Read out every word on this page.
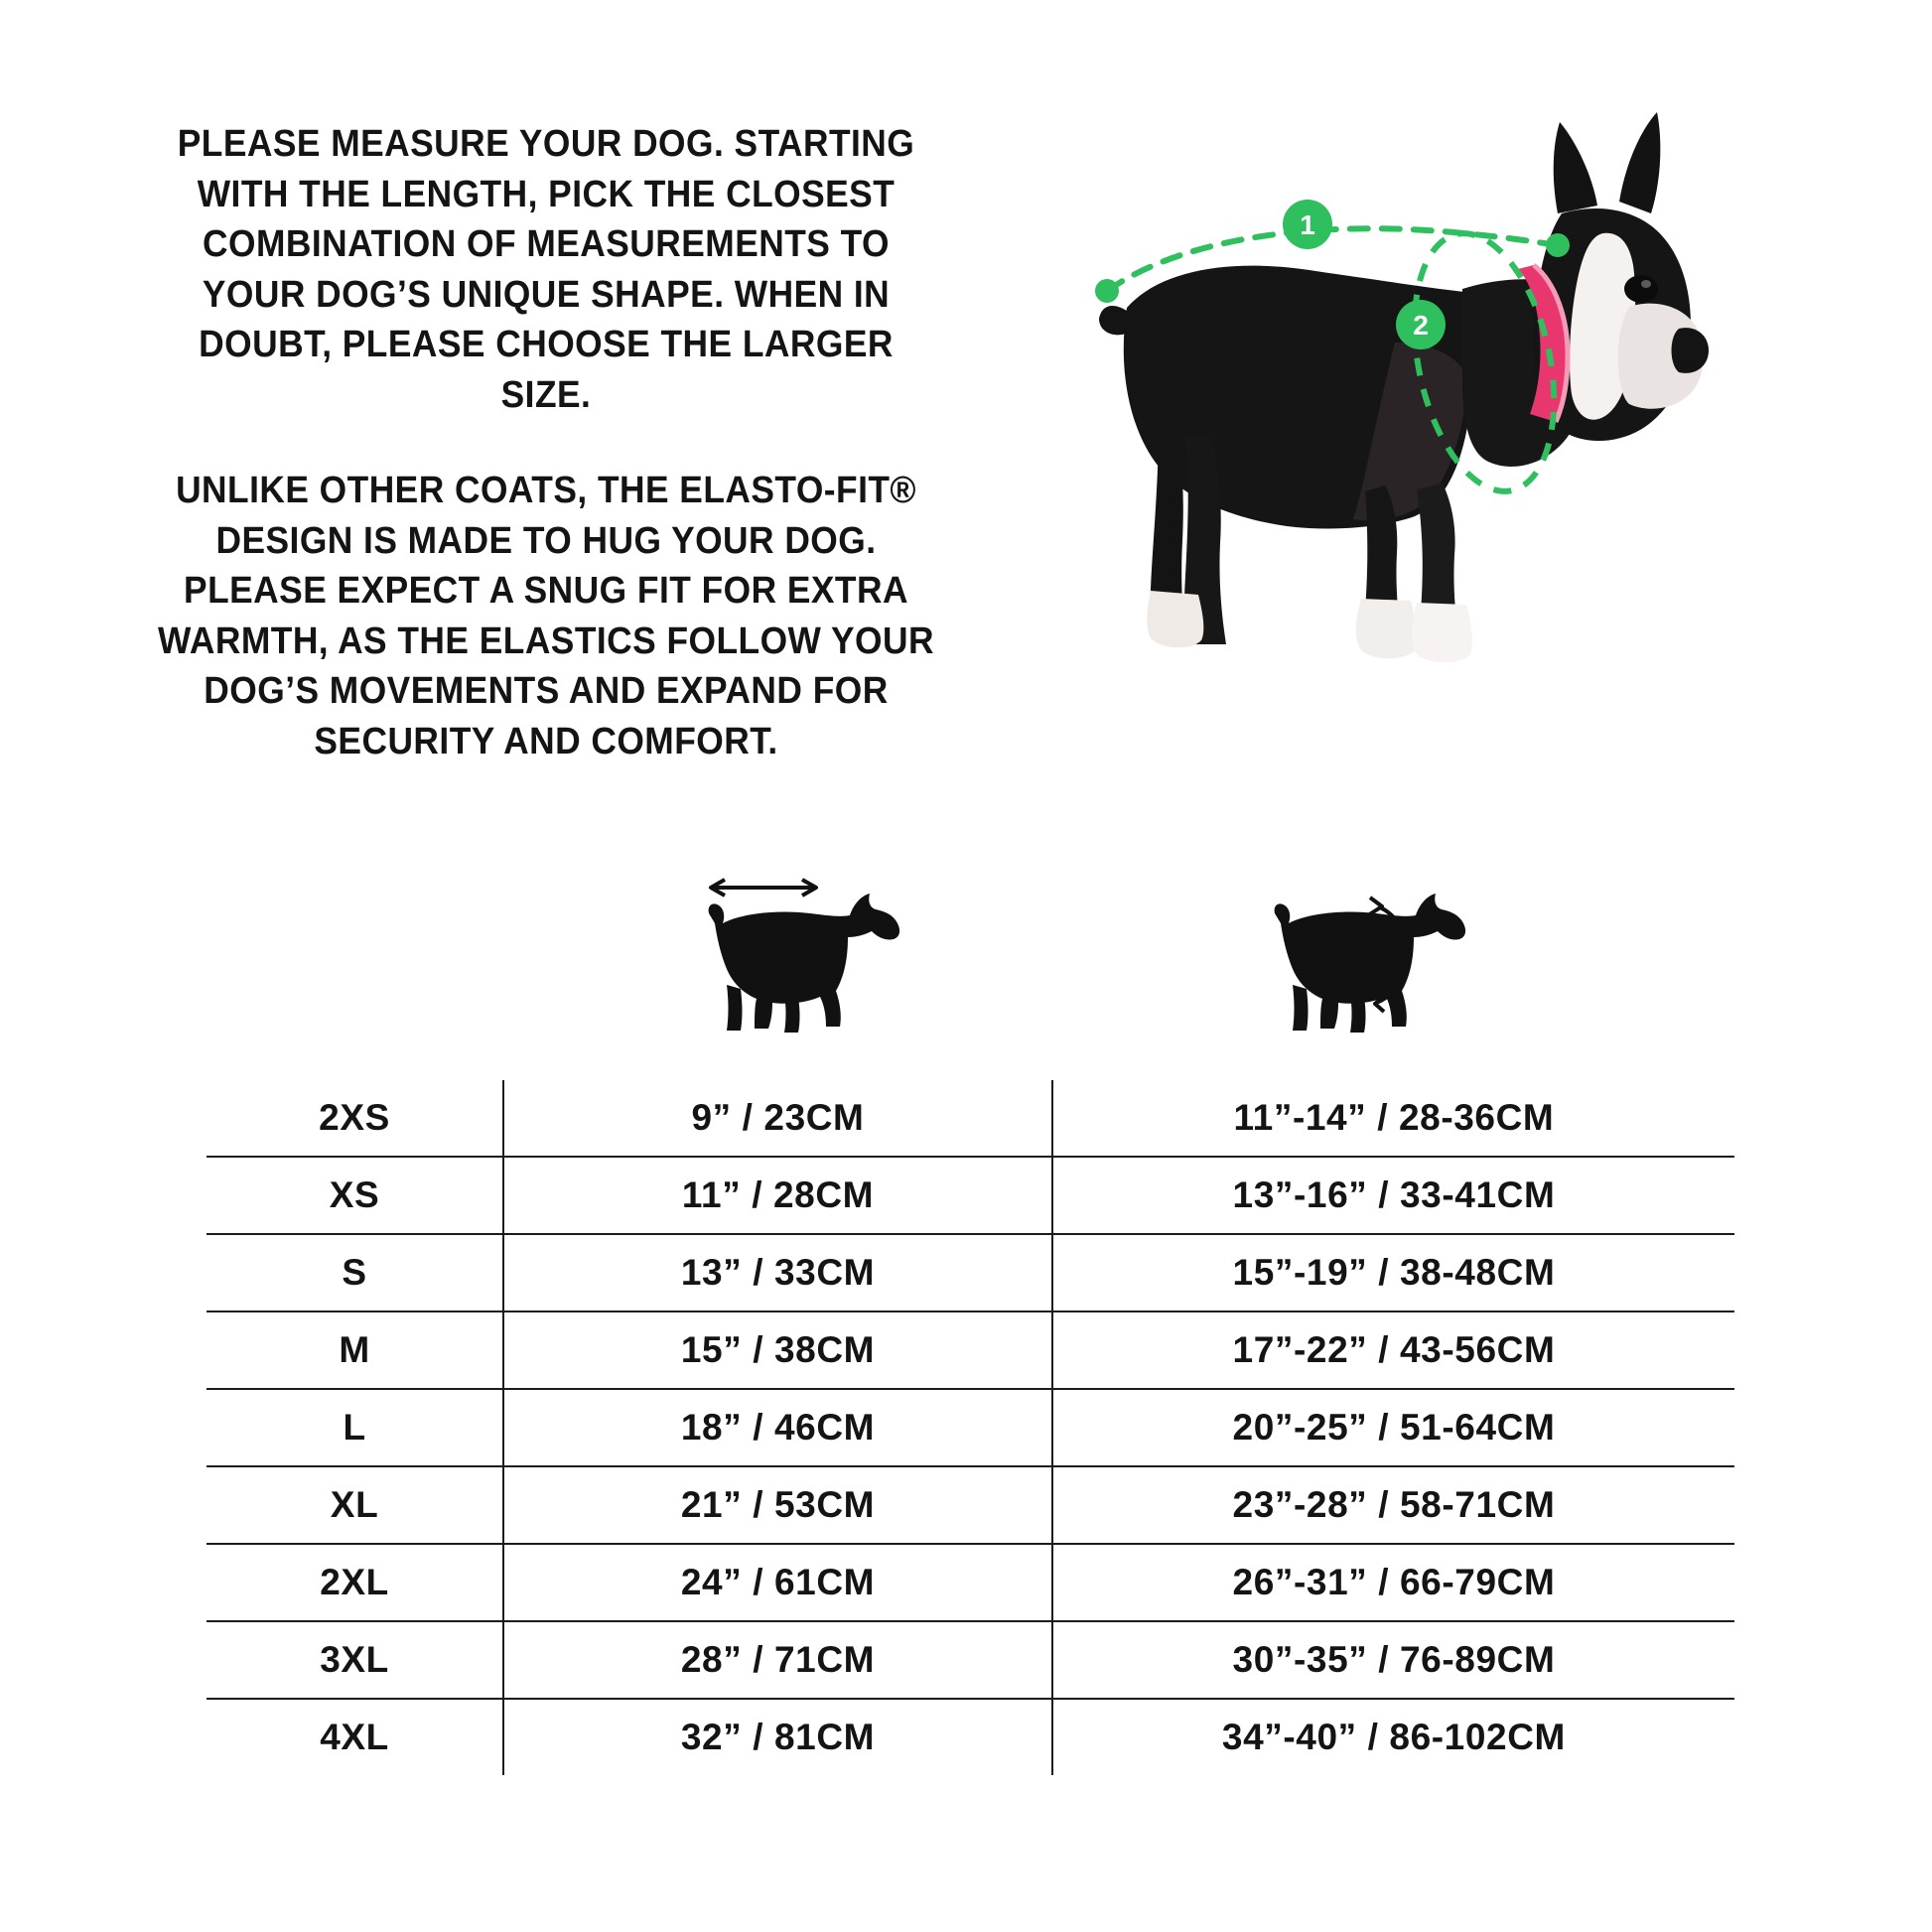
PLEASE MEASURE YOUR DOG. STARTING WITH THE LENGTH, PICK THE CLOSEST COMBINATION OF MEASUREMENTS TO YOUR DOG’S UNIQUE SHAPE. WHEN IN DOUBT, PLEASE CHOOSE THE LARGER SIZE.

UNLIKE OTHER COATS, THE ELASTO-FIT® DESIGN IS MADE TO HUG YOUR DOG. PLEASE EXPECT A SNUG FIT FOR EXTRA WARMTH, AS THE ELASTICS FOLLOW YOUR DOG’S MOVEMENTS AND EXPAND FOR SECURITY AND COMFORT.

1
2
2XS	9” / 23CM	11”-14” / 28-36CM
XS	11” / 28CM	13”-16” / 33-41CM
S	13” / 33CM	15”-19” / 38-48CM
M	15” / 38CM	17”-22” / 43-56CM
L	18” / 46CM	20”-25” / 51-64CM
XL	21” / 53CM	23”-28” / 58-71CM
2XL	24” / 61CM	26”-31” / 66-79CM
3XL	28” / 71CM	30”-35” / 76-89CM
4XL	32” / 81CM	34”-40” / 86-102CM
